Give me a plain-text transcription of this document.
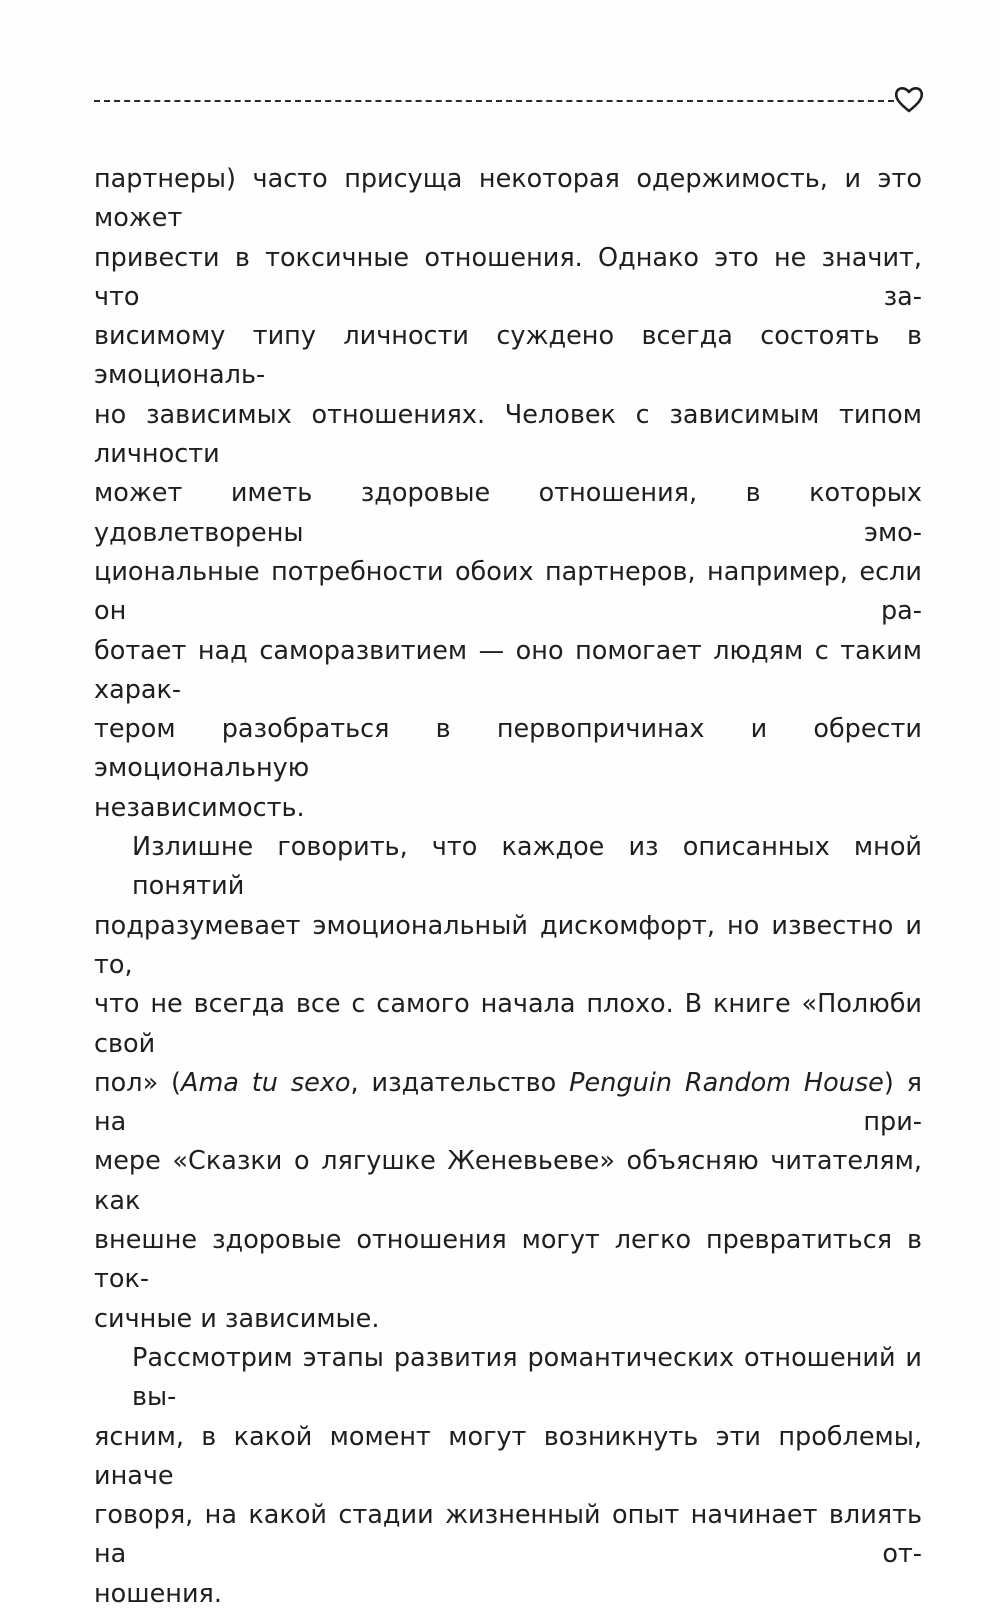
партнеры) часто присуща некоторая одержимость, и это может
привести в токсичные отношения. Однако это не значит, что за-
висимому типу личности суждено всегда состоять в эмоциональ-
но зависимых отношениях. Человек с зависимым типом личности
может иметь здоровые отношения, в которых удовлетворены эмо-
циональные потребности обоих партнеров, например, если он ра-
ботает над саморазвитием — оно помогает людям с таким харак-
тером разобраться в первопричинах и обрести эмоциональную
независимость.
Излишне говорить, что каждое из описанных мной понятий
подразумевает эмоциональный дискомфорт, но известно и то,
что не всегда все с самого начала плохо. В книге «Полюби свой
пол» (Ama tu sexo, издательство Penguin Random House) я на при-
мере «Сказки о лягушке Женевьеве» объясняю читателям, как
внешне здоровые отношения могут легко превратиться в ток-
сичные и зависимые.
Рассмотрим этапы развития романтических отношений и вы-
ясним, в какой момент могут возникнуть эти проблемы, иначе
говоря, на какой стадии жизненный опыт начинает влиять на от-
ношения.
